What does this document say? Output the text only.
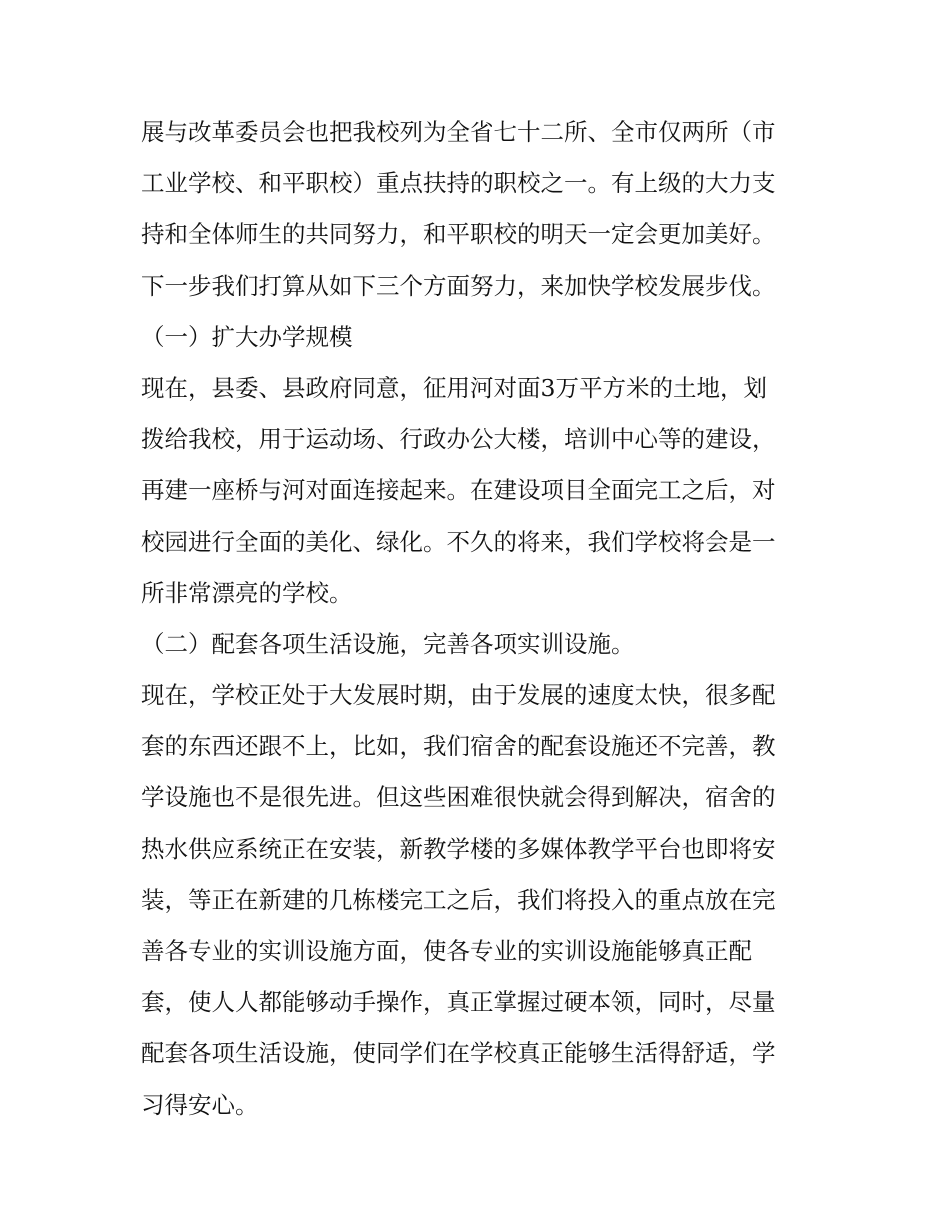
展与改革委员会也把我校列为全省七十二所、全市仅两所（市
工业学校、和平职校）重点扶持的职校之一。有上级的大力支
持和全体师生的共同努力，和平职校的明天一定会更加美好。
下一步我们打算从如下三个方面努力，来加快学校发展步伐。
（一）扩大办学规模
现在，县委、县政府同意，征用河对面3万平方米的土地，划
拨给我校，用于运动场、行政办公大楼，培训中心等的建设，
再建一座桥与河对面连接起来。在建设项目全面完工之后，对
校园进行全面的美化、绿化。不久的将来，我们学校将会是一
所非常漂亮的学校。
（二）配套各项生活设施，完善各项实训设施。
现在，学校正处于大发展时期，由于发展的速度太快，很多配
套的东西还跟不上，比如，我们宿舍的配套设施还不完善，教
学设施也不是很先进。但这些困难很快就会得到解决，宿舍的
热水供应系统正在安装，新教学楼的多媒体教学平台也即将安
装，等正在新建的几栋楼完工之后，我们将投入的重点放在完
善各专业的实训设施方面，使各专业的实训设施能够真正配
套，使人人都能够动手操作，真正掌握过硬本领，同时，尽量
配套各项生活设施，使同学们在学校真正能够生活得舒适，学
习得安心。
